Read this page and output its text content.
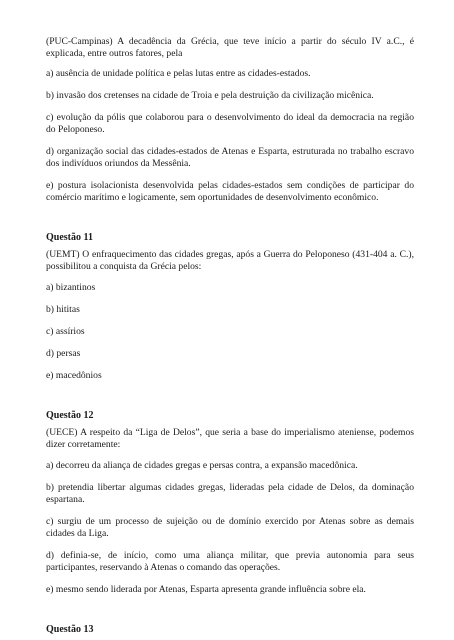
(PUC-Campinas) A decadência da Grécia, que teve início a partir do século IV a.C., é explicada, entre outros fatores, pela

a) ausência de unidade política e pelas lutas entre as cidades-estados.

b) invasão dos cretenses na cidade de Troia e pela destruição da civilização micênica.

c) evolução da pólis que colaborou para o desenvolvimento do ideal da democracia na região do Peloponeso.

d) organização social das cidades-estados de Atenas e Esparta, estruturada no trabalho escravo dos indivíduos oriundos da Messênia.

e) postura isolacionista desenvolvida pelas cidades-estados sem condições de participar do comércio marítimo e logicamente, sem oportunidades de desenvolvimento econômico.

Questão 11

(UEMT) O enfraquecimento das cidades gregas, após a Guerra do Peloponeso (431-404 a. C.), possibilitou a conquista da Grécia pelos:

a) bizantinos

b) hititas

c) assírios

d) persas

e) macedônios

Questão 12

(UECE) A respeito da “Liga de Delos”, que seria a base do imperialismo ateniense, podemos dizer corretamente:

a) decorreu da aliança de cidades gregas e persas contra, a expansão macedônica.

b) pretendia libertar algumas cidades gregas, lideradas pela cidade de Delos, da dominação espartana.

c) surgiu de um processo de sujeição ou de domínio exercido por Atenas sobre as demais cidades da Liga.

d) definia-se, de início, como uma aliança militar, que previa autonomia para seus participantes, reservando à Atenas o comando das operações.

e) mesmo sendo liderada por Atenas, Esparta apresenta grande influência sobre ela.

Questão 13
